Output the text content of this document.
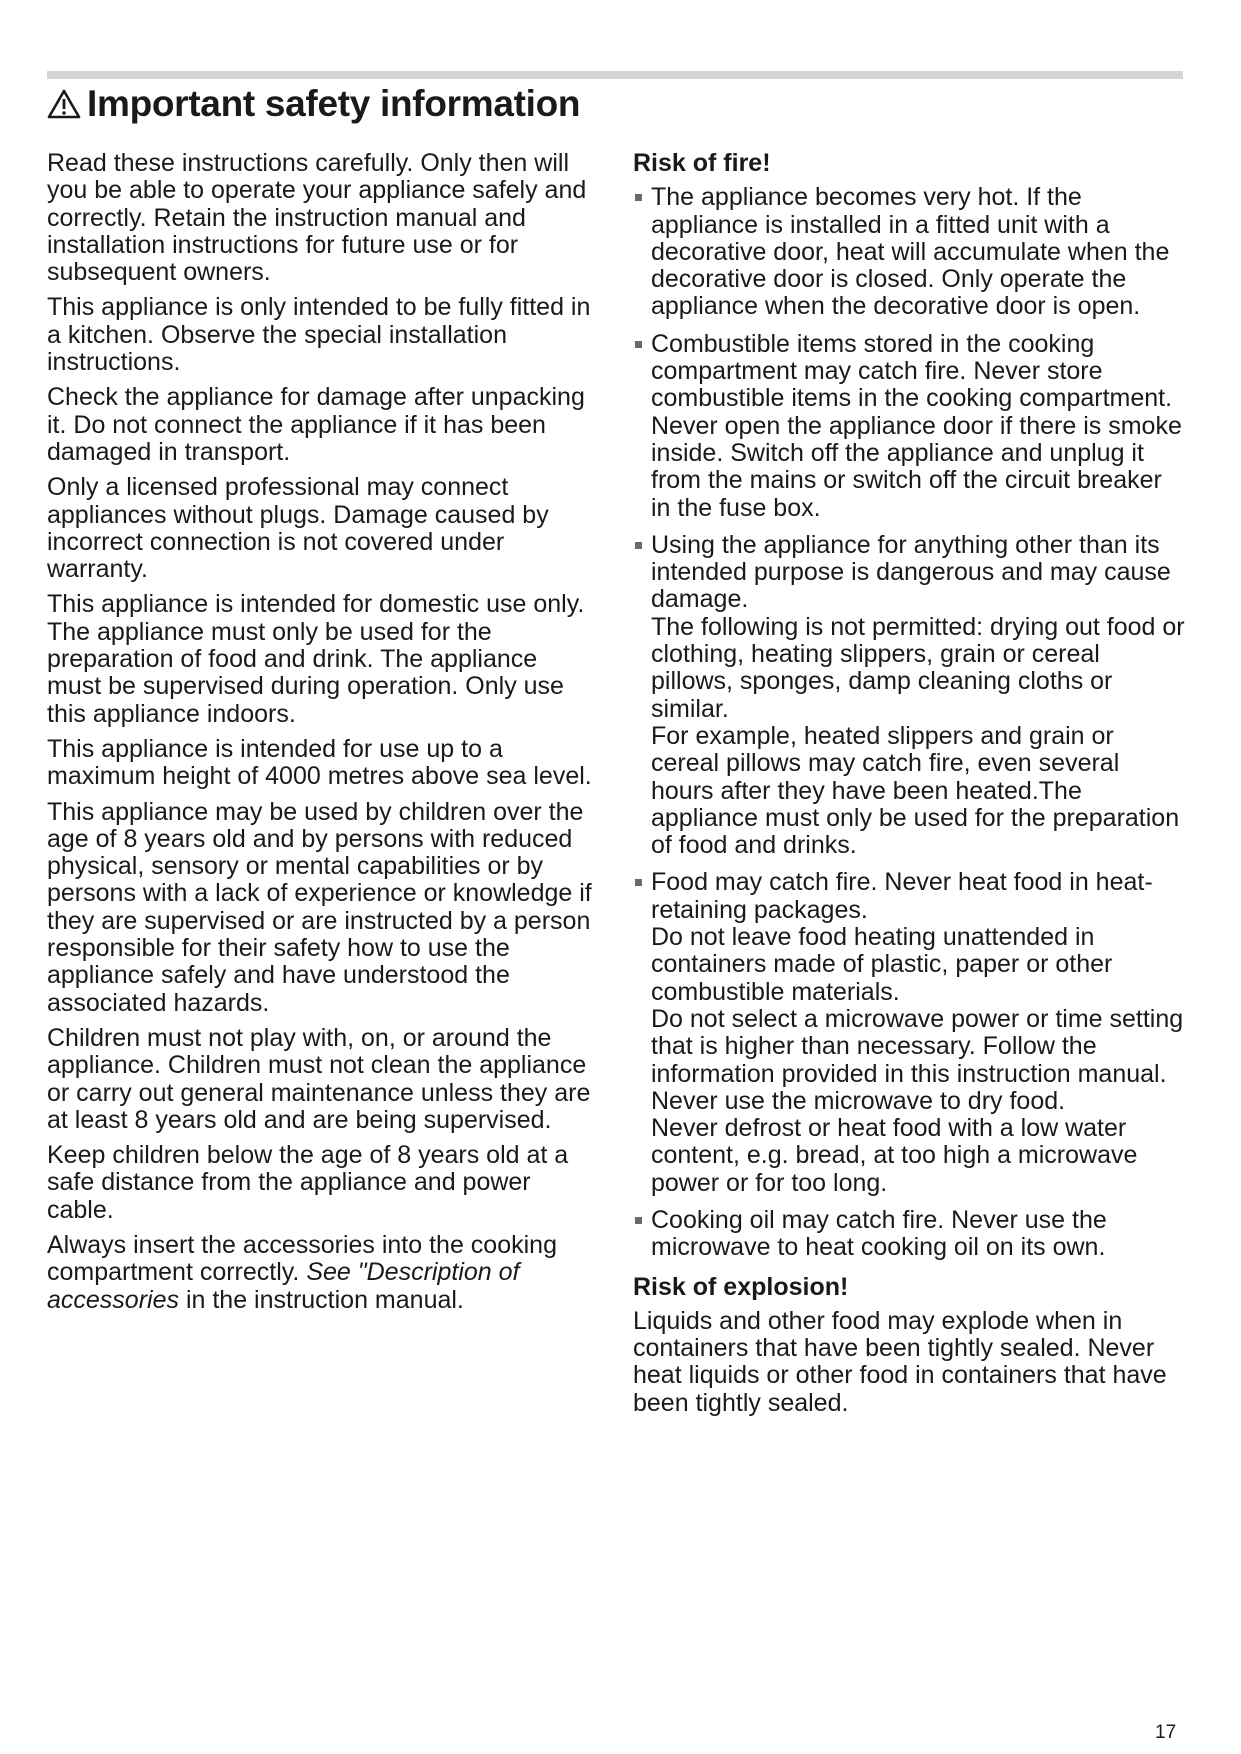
Important safety information

Read these instructions carefully. Only then will you be able to operate your appliance safely and correctly. Retain the instruction manual and installation instructions for future use or for subsequent owners.

This appliance is only intended to be fully fitted in a kitchen. Observe the special installation instructions.

Check the appliance for damage after unpacking it. Do not connect the appliance if it has been damaged in transport.

Only a licensed professional may connect appliances without plugs. Damage caused by incorrect connection is not covered under warranty.

This appliance is intended for domestic use only. The appliance must only be used for the preparation of food and drink. The appliance must be supervised during operation. Only use this appliance indoors.

This appliance is intended for use up to a maximum height of 4000 metres above sea level.

This appliance may be used by children over the age of 8 years old and by persons with reduced physical, sensory or mental capabilities or by persons with a lack of experience or knowledge if they are supervised or are instructed by a person responsible for their safety how to use the appliance safely and have understood the associated hazards.

Children must not play with, on, or around the appliance. Children must not clean the appliance or carry out general maintenance unless they are at least 8 years old and are being supervised.

Keep children below the age of 8 years old at a safe distance from the appliance and power cable.

Always insert the accessories into the cooking compartment correctly. See "Description of accessories in the instruction manual.

Risk of fire!

The appliance becomes very hot. If the appliance is installed in a fitted unit with a decorative door, heat will accumulate when the decorative door is closed. Only operate the appliance when the decorative door is open.
Combustible items stored in the cooking compartment may catch fire. Never store combustible items in the cooking compartment. Never open the appliance door if there is smoke inside. Switch off the appliance and unplug it from the mains or switch off the circuit breaker in the fuse box.
Using the appliance for anything other than its intended purpose is dangerous and may cause damage.
The following is not permitted: drying out food or clothing, heating slippers, grain or cereal pillows, sponges, damp cleaning cloths or similar.
For example, heated slippers and grain or cereal pillows may catch fire, even several hours after they have been heated.The appliance must only be used for the preparation of food and drinks.
Food may catch fire. Never heat food in heat-retaining packages.
Do not leave food heating unattended in containers made of plastic, paper or other combustible materials.
Do not select a microwave power or time setting that is higher than necessary. Follow the information provided in this instruction manual.
Never use the microwave to dry food.
Never defrost or heat food with a low water content, e.g. bread, at too high a microwave power or for too long.
Cooking oil may catch fire. Never use the microwave to heat cooking oil on its own.

Risk of explosion!

Liquids and other food may explode when in containers that have been tightly sealed. Never heat liquids or other food in containers that have been tightly sealed.

17
